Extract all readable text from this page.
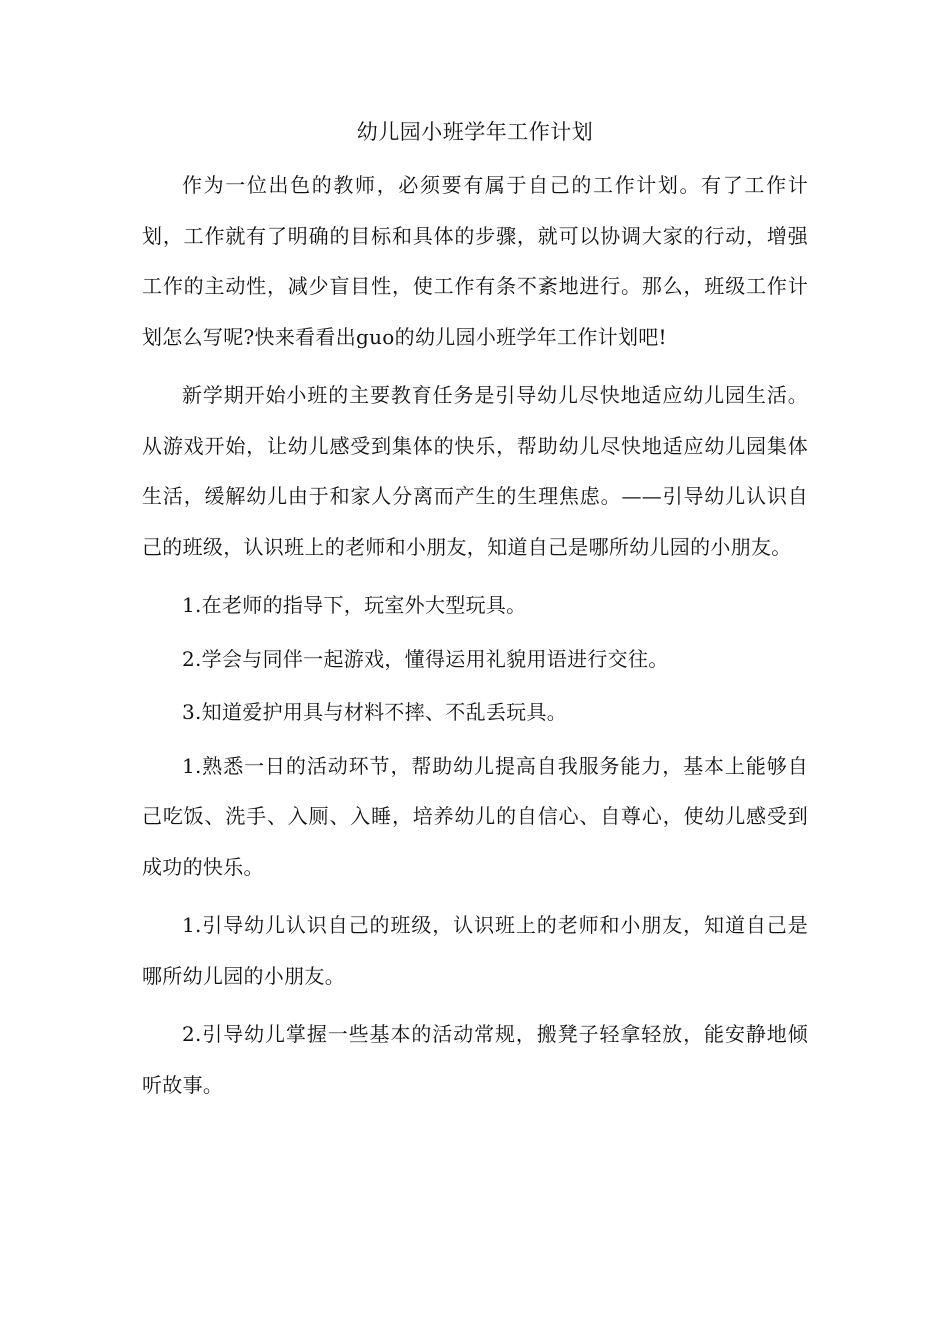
幼儿园小班学年工作计划

作为一位出色的教师，必须要有属于自己的工作计划。有了工作计划，工作就有了明确的目标和具体的步骤，就可以协调大家的行动，增强工作的主动性，减少盲目性，使工作有条不紊地进行。那么，班级工作计划怎么写呢?快来看看出guo的幼儿园小班学年工作计划吧!

新学期开始小班的主要教育任务是引导幼儿尽快地适应幼儿园生活。从游戏开始，让幼儿感受到集体的快乐，帮助幼儿尽快地适应幼儿园集体生活，缓解幼儿由于和家人分离而产生的生理焦虑。——引导幼儿认识自己的班级，认识班上的老师和小朋友，知道自己是哪所幼儿园的小朋友。

1.在老师的指导下，玩室外大型玩具。

2.学会与同伴一起游戏，懂得运用礼貌用语进行交往。

3.知道爱护用具与材料不摔、不乱丢玩具。

1.熟悉一日的活动环节，帮助幼儿提高自我服务能力，基本上能够自己吃饭、洗手、入厕、入睡，培养幼儿的自信心、自尊心，使幼儿感受到成功的快乐。

1.引导幼儿认识自己的班级，认识班上的老师和小朋友，知道自己是哪所幼儿园的小朋友。

2.引导幼儿掌握一些基本的活动常规，搬凳子轻拿轻放，能安静地倾听故事。
